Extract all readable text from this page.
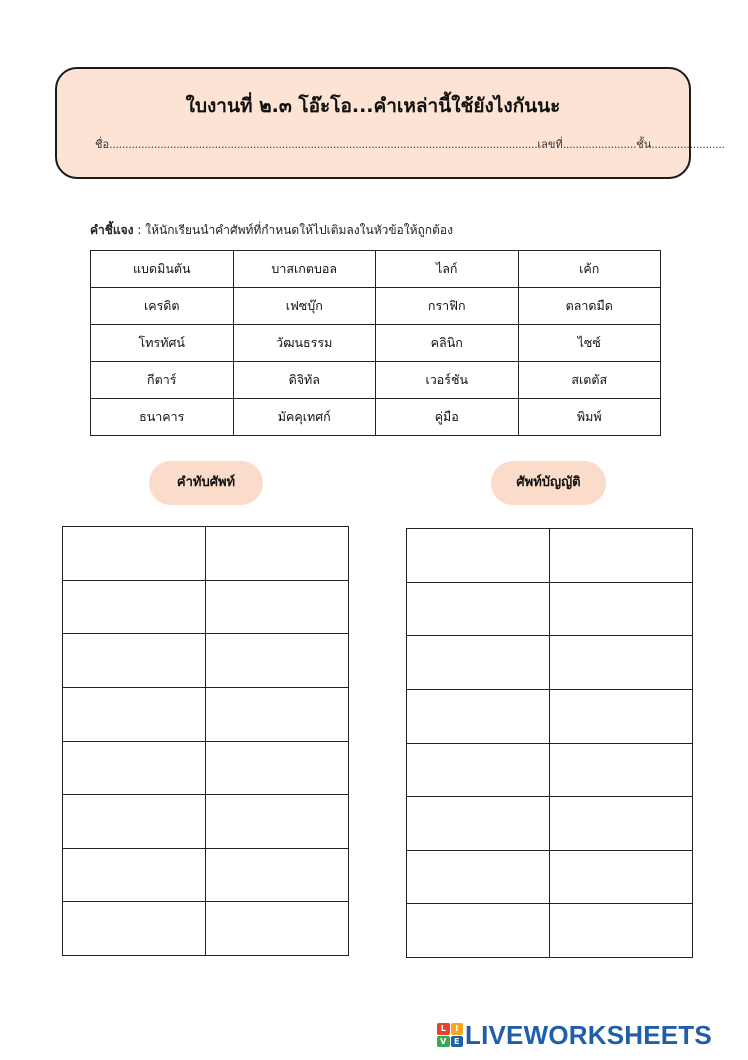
ใบงานที่ ๒.๓ โอ๊ะโอ...คำเหล่านี้ใช้ยังไงกันนะ
ชื่อ......................................................................................................................................เลขที่.......................ชั้น.......................
คำชี้แจง : ให้นักเรียนนำคำศัพท์ที่กำหนดให้ไปเติมลงในหัวข้อให้ถูกต้อง
แบดมินตัน	บาสเกตบอล	ไลก์	เค้ก
เครดิต	เฟซบุ๊ก	กราฟิก	ตลาดมืด
โทรทัศน์	วัฒนธรรม	คลินิก	ไซซ์
กีตาร์	ดิจิทัล	เวอร์ชัน	สเตตัส
ธนาคาร	มัคคุเทศก์	คู่มือ	พิมพ์
คำทับศัพท์	ศัพท์บัญญัติ

L	I
V E LIVEWORKSHEETS
